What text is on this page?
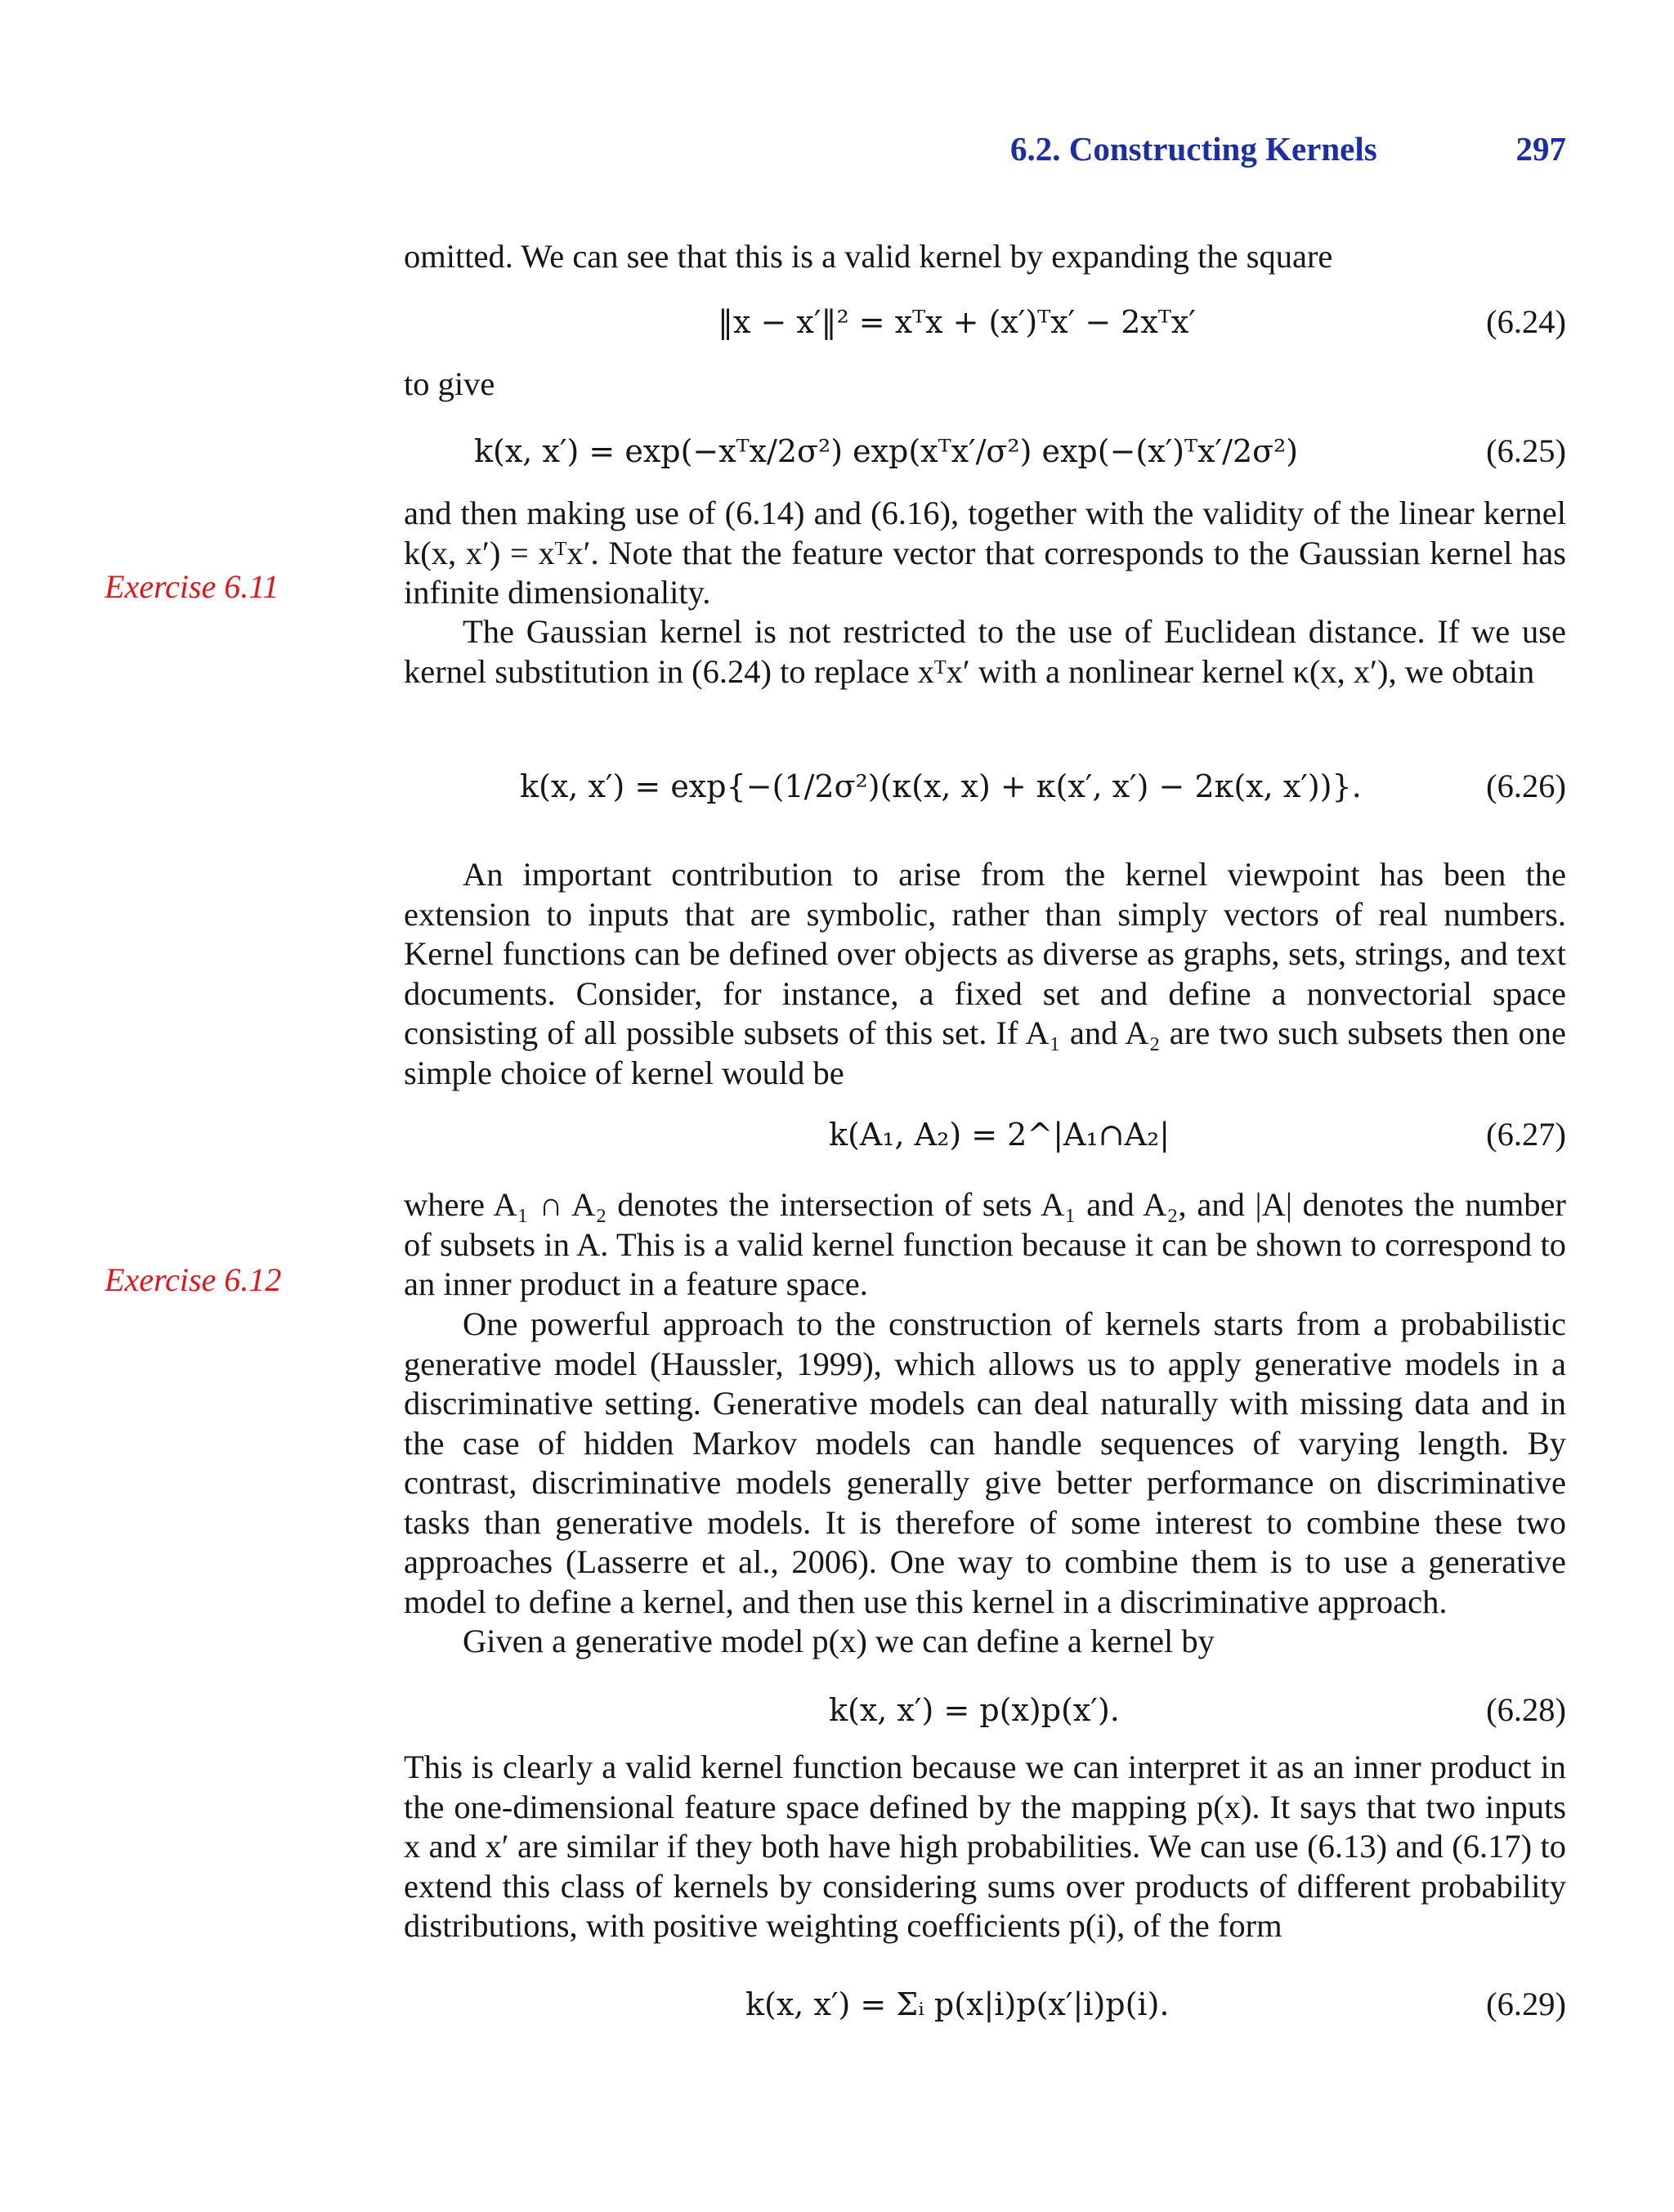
6.2. Constructing Kernels	297
Exercise 6.11
Exercise 6.12

omitted. We can see that this is a valid kernel by expanding the square

‖x − x′‖² = xᵀx + (x′)ᵀx′ − 2xᵀx′	(6.24)

to give

k(x, x′) = exp(−xᵀx/2σ²) exp(xᵀx′/σ²) exp(−(x′)ᵀx′/2σ²)	(6.25)

and then making use of (6.14) and (6.16), together with the validity of the linear kernel k(x, x′) = xᵀx′. Note that the feature vector that corresponds to the Gaussian kernel has infinite dimensionality.

The Gaussian kernel is not restricted to the use of Euclidean distance. If we use kernel substitution in (6.24) to replace xᵀx′ with a nonlinear kernel κ(x, x′), we obtain

k(x, x′) = exp{−(1/2σ²)(κ(x, x) + κ(x′, x′) − 2κ(x, x′))}.	(6.26)

An important contribution to arise from the kernel viewpoint has been the extension to inputs that are symbolic, rather than simply vectors of real numbers. Kernel functions can be defined over objects as diverse as graphs, sets, strings, and text documents. Consider, for instance, a fixed set and define a nonvectorial space consisting of all possible subsets of this set. If A₁ and A₂ are two such subsets then one simple choice of kernel would be

k(A₁, A₂) = 2^|A₁∩A₂|	(6.27)

where A₁ ∩ A₂ denotes the intersection of sets A₁ and A₂, and |A| denotes the number of subsets in A. This is a valid kernel function because it can be shown to correspond to an inner product in a feature space.

One powerful approach to the construction of kernels starts from a probabilistic generative model (Haussler, 1999), which allows us to apply generative models in a discriminative setting. Generative models can deal naturally with missing data and in the case of hidden Markov models can handle sequences of varying length. By contrast, discriminative models generally give better performance on discriminative tasks than generative models. It is therefore of some interest to combine these two approaches (Lasserre et al., 2006). One way to combine them is to use a generative model to define a kernel, and then use this kernel in a discriminative approach.

Given a generative model p(x) we can define a kernel by

k(x, x′) = p(x)p(x′).	(6.28)

This is clearly a valid kernel function because we can interpret it as an inner product in the one-dimensional feature space defined by the mapping p(x). It says that two inputs x and x′ are similar if they both have high probabilities. We can use (6.13) and (6.17) to extend this class of kernels by considering sums over products of different probability distributions, with positive weighting coefficients p(i), of the form

k(x, x′) = Σᵢ p(x|i)p(x′|i)p(i).	(6.29)
